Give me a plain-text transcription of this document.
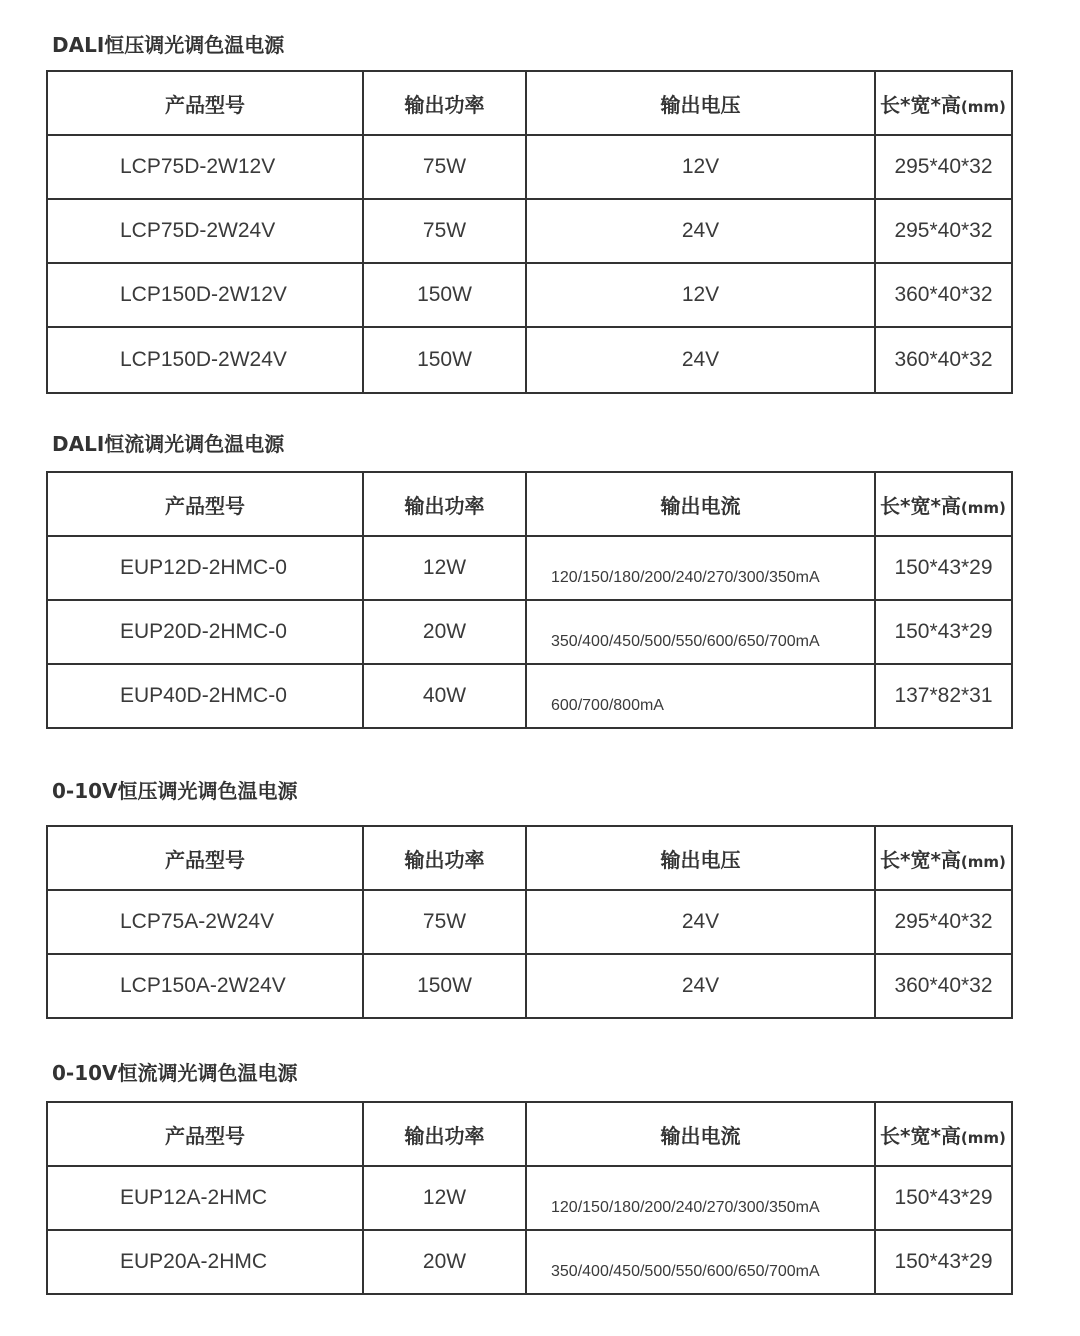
DALI恒压调光调色温电源
产品型号	输出功率	输出电压	长*宽*高(mm)
LCP75D-2W12V	75W	12V	295*40*32
LCP75D-2W24V	75W	24V	295*40*32
LCP150D-2W12V	150W	12V	360*40*32
LCP150D-2W24V	150W	24V	360*40*32
DALI恒流调光调色温电源
产品型号	输出功率	输出电流	长*宽*高(mm)
EUP12D-2HMC-0	12W	120/150/180/200/240/270/300/350mA	150*43*29
EUP20D-2HMC-0	20W	350/400/450/500/550/600/650/700mA	150*43*29
EUP40D-2HMC-0	40W	600/700/800mA	137*82*31
0-10V恒压调光调色温电源
产品型号	输出功率	输出电压	长*宽*高(mm)
LCP75A-2W24V	75W	24V	295*40*32
LCP150A-2W24V	150W	24V	360*40*32
0-10V恒流调光调色温电源
产品型号	输出功率	输出电流	长*宽*高(mm)
EUP12A-2HMC	12W	120/150/180/200/240/270/300/350mA	150*43*29
EUP20A-2HMC	20W	350/400/450/500/550/600/650/700mA	150*43*29
